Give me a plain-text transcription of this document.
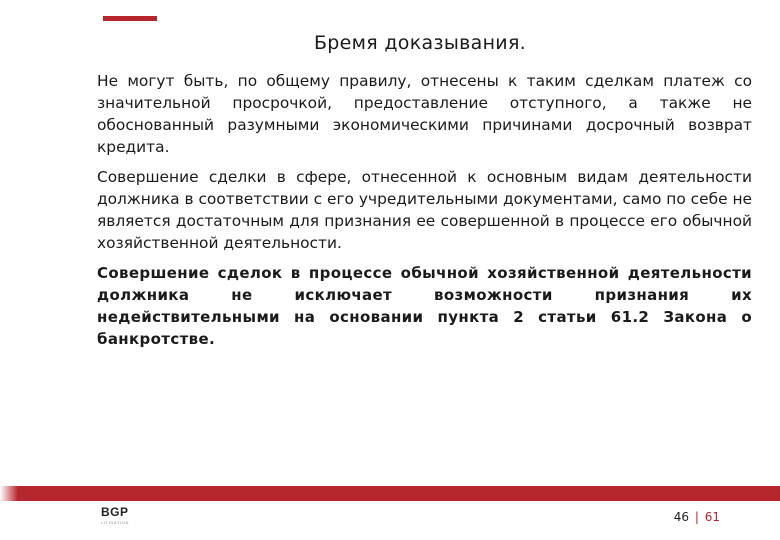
Бремя доказывания.

Не могут быть, по общему правилу, отнесены к таким сделкам платеж со значительной просрочкой, предоставление отступного, а также не обоснованный разумными экономическими причинами досрочный возврат кредита.

Совершение сделки в сфере, отнесенной к основным видам деятельности должника в соответствии с его учредительными документами, само по себе не является достаточным для признания ее совершенной в процессе его обычной хозяйственной деятельности.

Совершение сделок в процессе обычной хозяйственной деятельности должника не исключает возможности признания их недействительными на основании пункта 2 статьи 61.2 Закона о банкротстве.

BGP
LITIGATION	46 | 61
